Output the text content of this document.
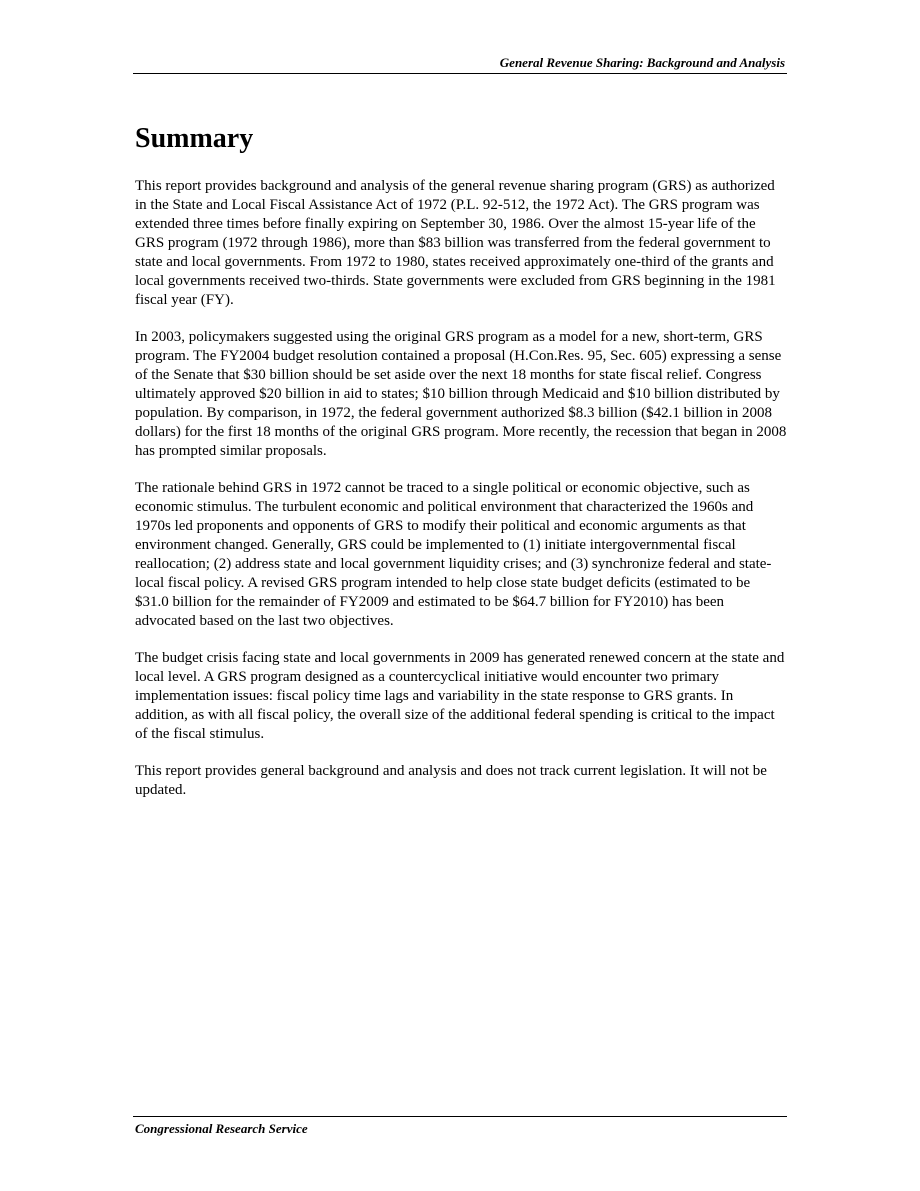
General Revenue Sharing: Background and Analysis
Summary

This report provides background and analysis of the general revenue sharing program (GRS) as authorized in the State and Local Fiscal Assistance Act of 1972 (P.L. 92-512, the 1972 Act). The GRS program was extended three times before finally expiring on September 30, 1986. Over the almost 15-year life of the GRS program (1972 through 1986), more than $83 billion was transferred from the federal government to state and local governments. From 1972 to 1980, states received approximately one-third of the grants and local governments received two-thirds. State governments were excluded from GRS beginning in the 1981 fiscal year (FY).

In 2003, policymakers suggested using the original GRS program as a model for a new, short-term, GRS program. The FY2004 budget resolution contained a proposal (H.Con.Res. 95, Sec. 605) expressing a sense of the Senate that $30 billion should be set aside over the next 18 months for state fiscal relief. Congress ultimately approved $20 billion in aid to states; $10 billion through Medicaid and $10 billion distributed by population. By comparison, in 1972, the federal government authorized $8.3 billion ($42.1 billion in 2008 dollars) for the first 18 months of the original GRS program. More recently, the recession that began in 2008 has prompted similar proposals.

The rationale behind GRS in 1972 cannot be traced to a single political or economic objective, such as economic stimulus. The turbulent economic and political environment that characterized the 1960s and 1970s led proponents and opponents of GRS to modify their political and economic arguments as that environment changed. Generally, GRS could be implemented to (1) initiate intergovernmental fiscal reallocation; (2) address state and local government liquidity crises; and (3) synchronize federal and state-local fiscal policy. A revised GRS program intended to help close state budget deficits (estimated to be $31.0 billion for the remainder of FY2009 and estimated to be $64.7 billion for FY2010) has been advocated based on the last two objectives.

The budget crisis facing state and local governments in 2009 has generated renewed concern at the state and local level. A GRS program designed as a countercyclical initiative would encounter two primary implementation issues: fiscal policy time lags and variability in the state response to GRS grants. In addition, as with all fiscal policy, the overall size of the additional federal spending is critical to the impact of the fiscal stimulus.

This report provides general background and analysis and does not track current legislation. It will not be updated.

Congressional Research Service
